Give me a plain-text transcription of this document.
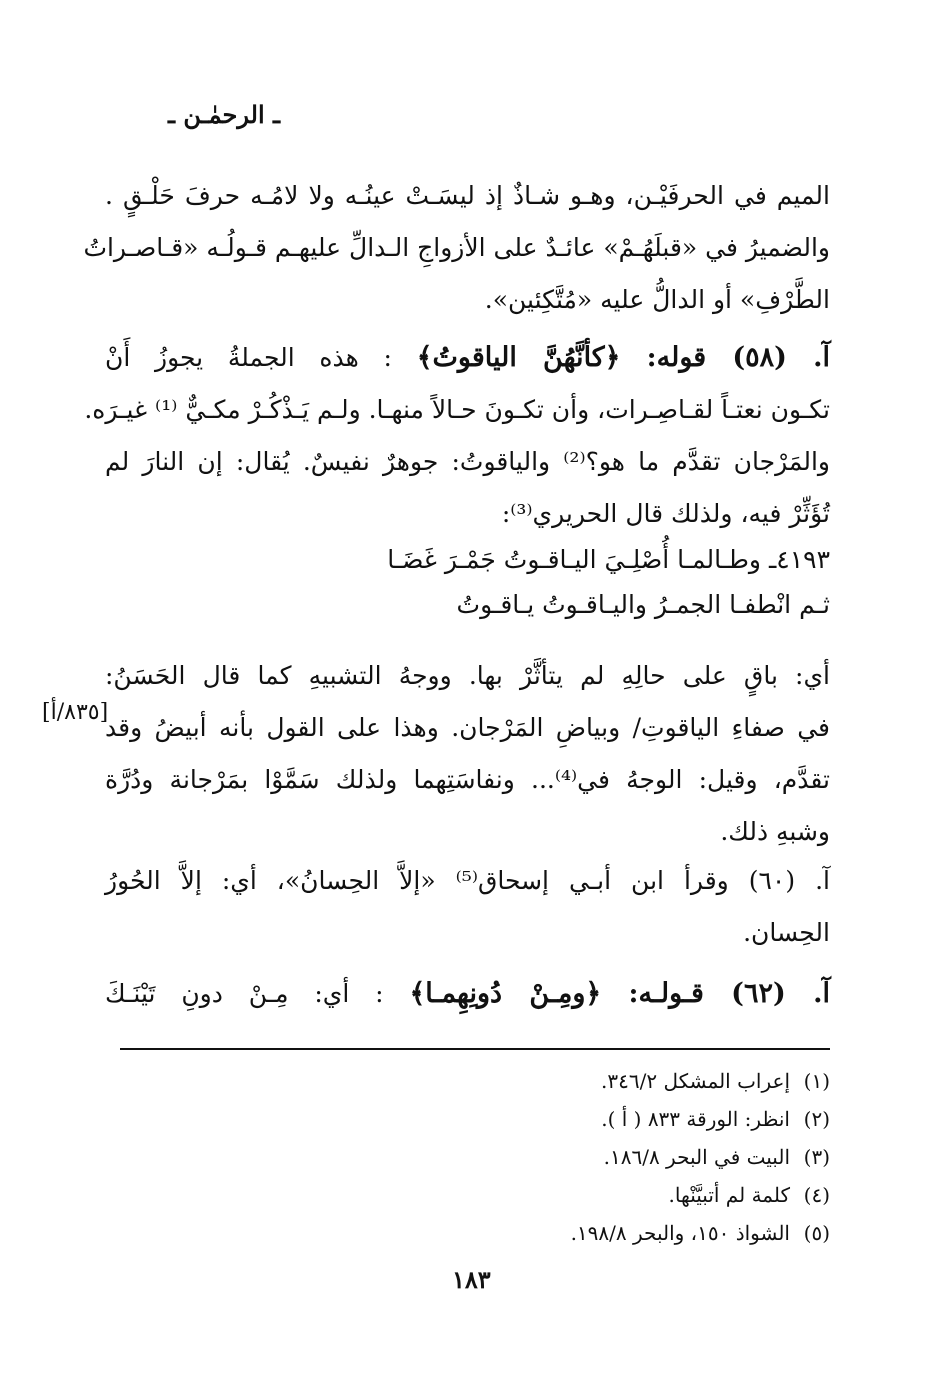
ـ الرحمٰـن ـ
الميم في الحرفَيْـن، وهـو شـاذٌ إذ ليسَـتْ عينُـه ولا لامُـه حرفَ حَلْـقٍ .
والضميرُ في «قبلَهُـمْ» عائـدٌ على الأزواجِ الـدالِّ عليهـم قـولُـه «قـاصـراتُ
الطَّرْفِ» أو الدالُّ عليه «مُتَّكِئين».
آ. (٥٨) قوله: ﴿كأنَّهُنَّ الياقوتُ﴾ : هذه الجملةُ يجوزُ أَنْ
تكـون نعتـاً لقـاصِـرات، وأن تكـونَ حـالاً منهـا. ولـم يَـذْكُـرْ مكـيٌّ ⁽¹⁾ غيـرَه.
والمَرْجان تقدَّم ما هو؟⁽²⁾ والياقوتُ: جوهرٌ نفيسٌ. يُقال: إن النارَ لم
تُؤَثِّرْ فيه، ولذلك قال الحريري⁽³⁾:
٤١٩٣ـ وطـالمـا أُصْلِـيَ اليـاقـوتُ جَمْـرَ غَضَـا
ثـم انْطفـا الجمـرُ واليـاقـوتُ يـاقـوتُ
أي: باقٍ على حالِهِ لم يتأثَّرْ بها. ووجهُ التشبيهِ كما قال الحَسَنُ:
في صفاءِ الياقوتِ/ وبياضِ المَرْجان. وهذا على القول بأنه أبيضُ وقد
تقدَّم، وقيل: الوجهُ في⁽⁴⁾... ونفاسَتِهما ولذلك سَمَّوْا بمَرْجانة ودُرَّة
وشبهِ ذلك.
[٨٣٥/أ]
آ. (٦٠) وقرأ ابن أبـي إسحاق⁽⁵⁾ «إلاَّ الحِسانُ»، أي: إلاَّ الحُورُ
الحِسان.
آ. (٦٢) قـولـه: ﴿ومِـنْ دُونِهِمـا﴾ : أي: مِـنْ دونِ تَيْنَـكَ
(١)إعراب المشكل ٣٤٦/٢.
(٢)انظر: الورقة ٨٣٣ ( أ ).
(٣)البيت في البحر ١٨٦/٨.
(٤)كلمة لم أتبيَّنْها.
(٥)الشواذ ١٥٠، والبحر ١٩٨/٨.
١٨٣
